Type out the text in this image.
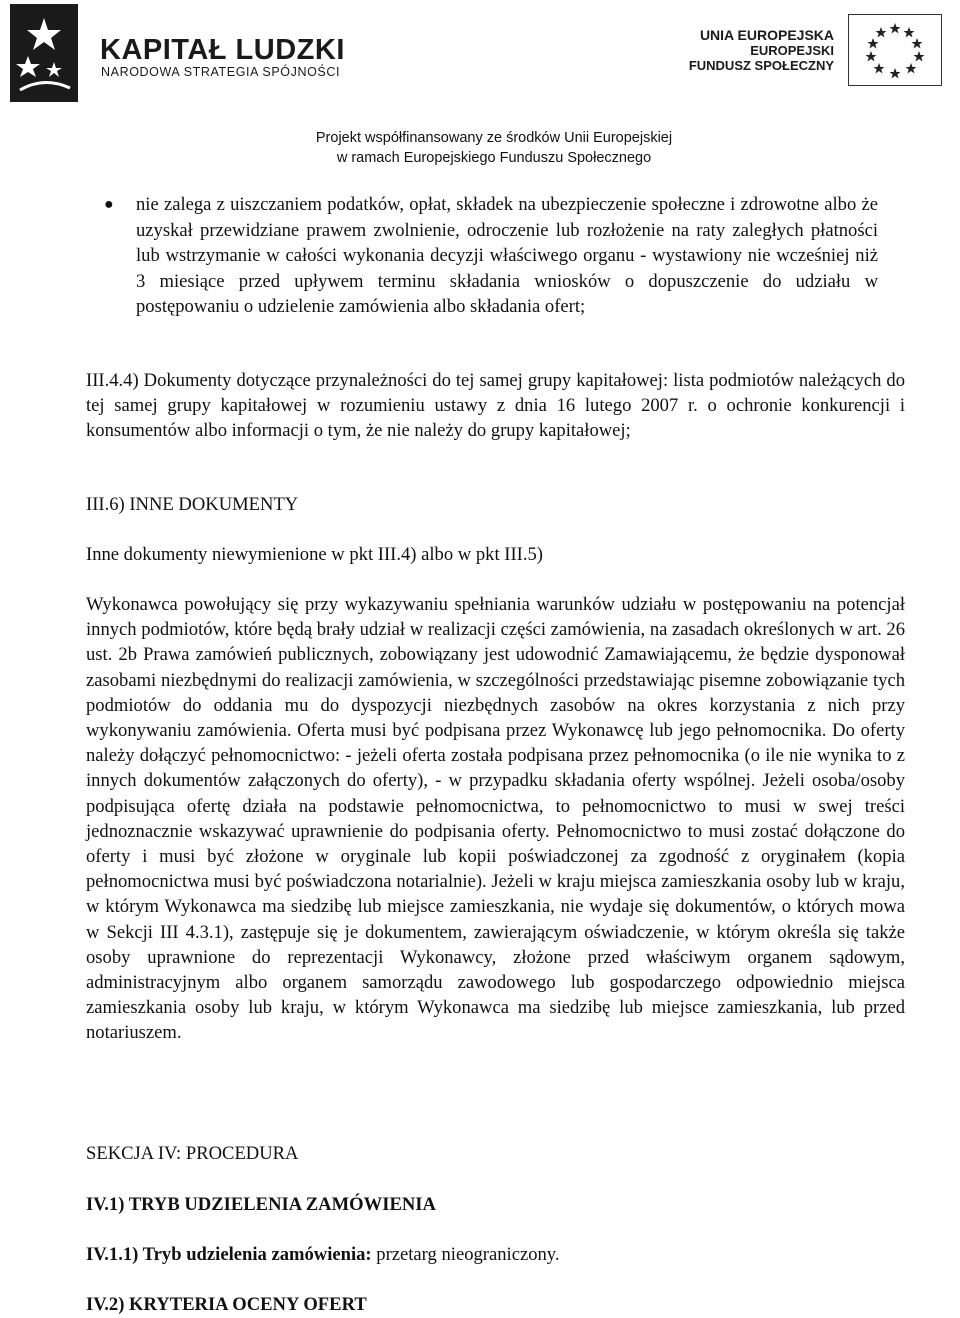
KAPITAŁ LUDZKI
NARODOWA STRATEGIA SPÓJNOŚCI
UNIA EUROPEJSKA
EUROPEJSKI
FUNDUSZ SPOŁECZNY
Projekt współfinansowany ze środków Unii Europejskiej
w ramach Europejskiego Funduszu Społecznego
● nie zalega z uiszczaniem podatków, opłat, składek na ubezpieczenie społeczne i zdrowotne albo że uzyskał przewidziane prawem zwolnienie, odroczenie lub rozłożenie na raty zaległych płatności lub wstrzymanie w całości wykonania decyzji właściwego organu - wystawiony nie wcześniej niż 3 miesiące przed upływem terminu składania wniosków o dopuszczenie do udziału w postępowaniu o udzielenie zamówienia albo składania ofert;
III.4.4) Dokumenty dotyczące przynależności do tej samej grupy kapitałowej: lista podmiotów należących do tej samej grupy kapitałowej w rozumieniu ustawy z dnia 16 lutego 2007 r. o ochronie konkurencji i konsumentów albo informacji o tym, że nie należy do grupy kapitałowej;
III.6) INNE DOKUMENTY
Inne dokumenty niewymienione w pkt III.4) albo w pkt III.5)
Wykonawca powołujący się przy wykazywaniu spełniania warunków udziału w postępowaniu na potencjał innych podmiotów, które będą brały udział w realizacji części zamówienia, na zasadach określonych w art. 26 ust. 2b Prawa zamówień publicznych, zobowiązany jest udowodnić Zamawiającemu, że będzie dysponował zasobami niezbędnymi do realizacji zamówienia, w szczególności przedstawiając pisemne zobowiązanie tych podmiotów do oddania mu do dyspozycji niezbędnych zasobów na okres korzystania z nich przy wykonywaniu zamówienia. Oferta musi być podpisana przez Wykonawcę lub jego pełnomocnika. Do oferty należy dołączyć pełnomocnictwo: - jeżeli oferta została podpisana przez pełnomocnika (o ile nie wynika to z innych dokumentów załączonych do oferty), - w przypadku składania oferty wspólnej. Jeżeli osoba/osoby podpisująca ofertę działa na podstawie pełnomocnictwa, to pełnomocnictwo to musi w swej treści jednoznacznie wskazywać uprawnienie do podpisania oferty. Pełnomocnictwo to musi zostać dołączone do oferty i musi być złożone w oryginale lub kopii poświadczonej za zgodność z oryginałem (kopia pełnomocnictwa musi być poświadczona notarialnie). Jeżeli w kraju miejsca zamieszkania osoby lub w kraju, w którym Wykonawca ma siedzibę lub miejsce zamieszkania, nie wydaje się dokumentów, o których mowa w Sekcji III 4.3.1), zastępuje się je dokumentem, zawierającym oświadczenie, w którym określa się także osoby uprawnione do reprezentacji Wykonawcy, złożone przed właściwym organem sądowym, administracyjnym albo organem samorządu zawodowego lub gospodarczego odpowiednio miejsca zamieszkania osoby lub kraju, w którym Wykonawca ma siedzibę lub miejsce zamieszkania, lub przed notariuszem.
SEKCJA IV: PROCEDURA
IV.1) TRYB UDZIELENIA ZAMÓWIENIA
IV.1.1) Tryb udzielenia zamówienia: przetarg nieograniczony.
IV.2) KRYTERIA OCENY OFERT
